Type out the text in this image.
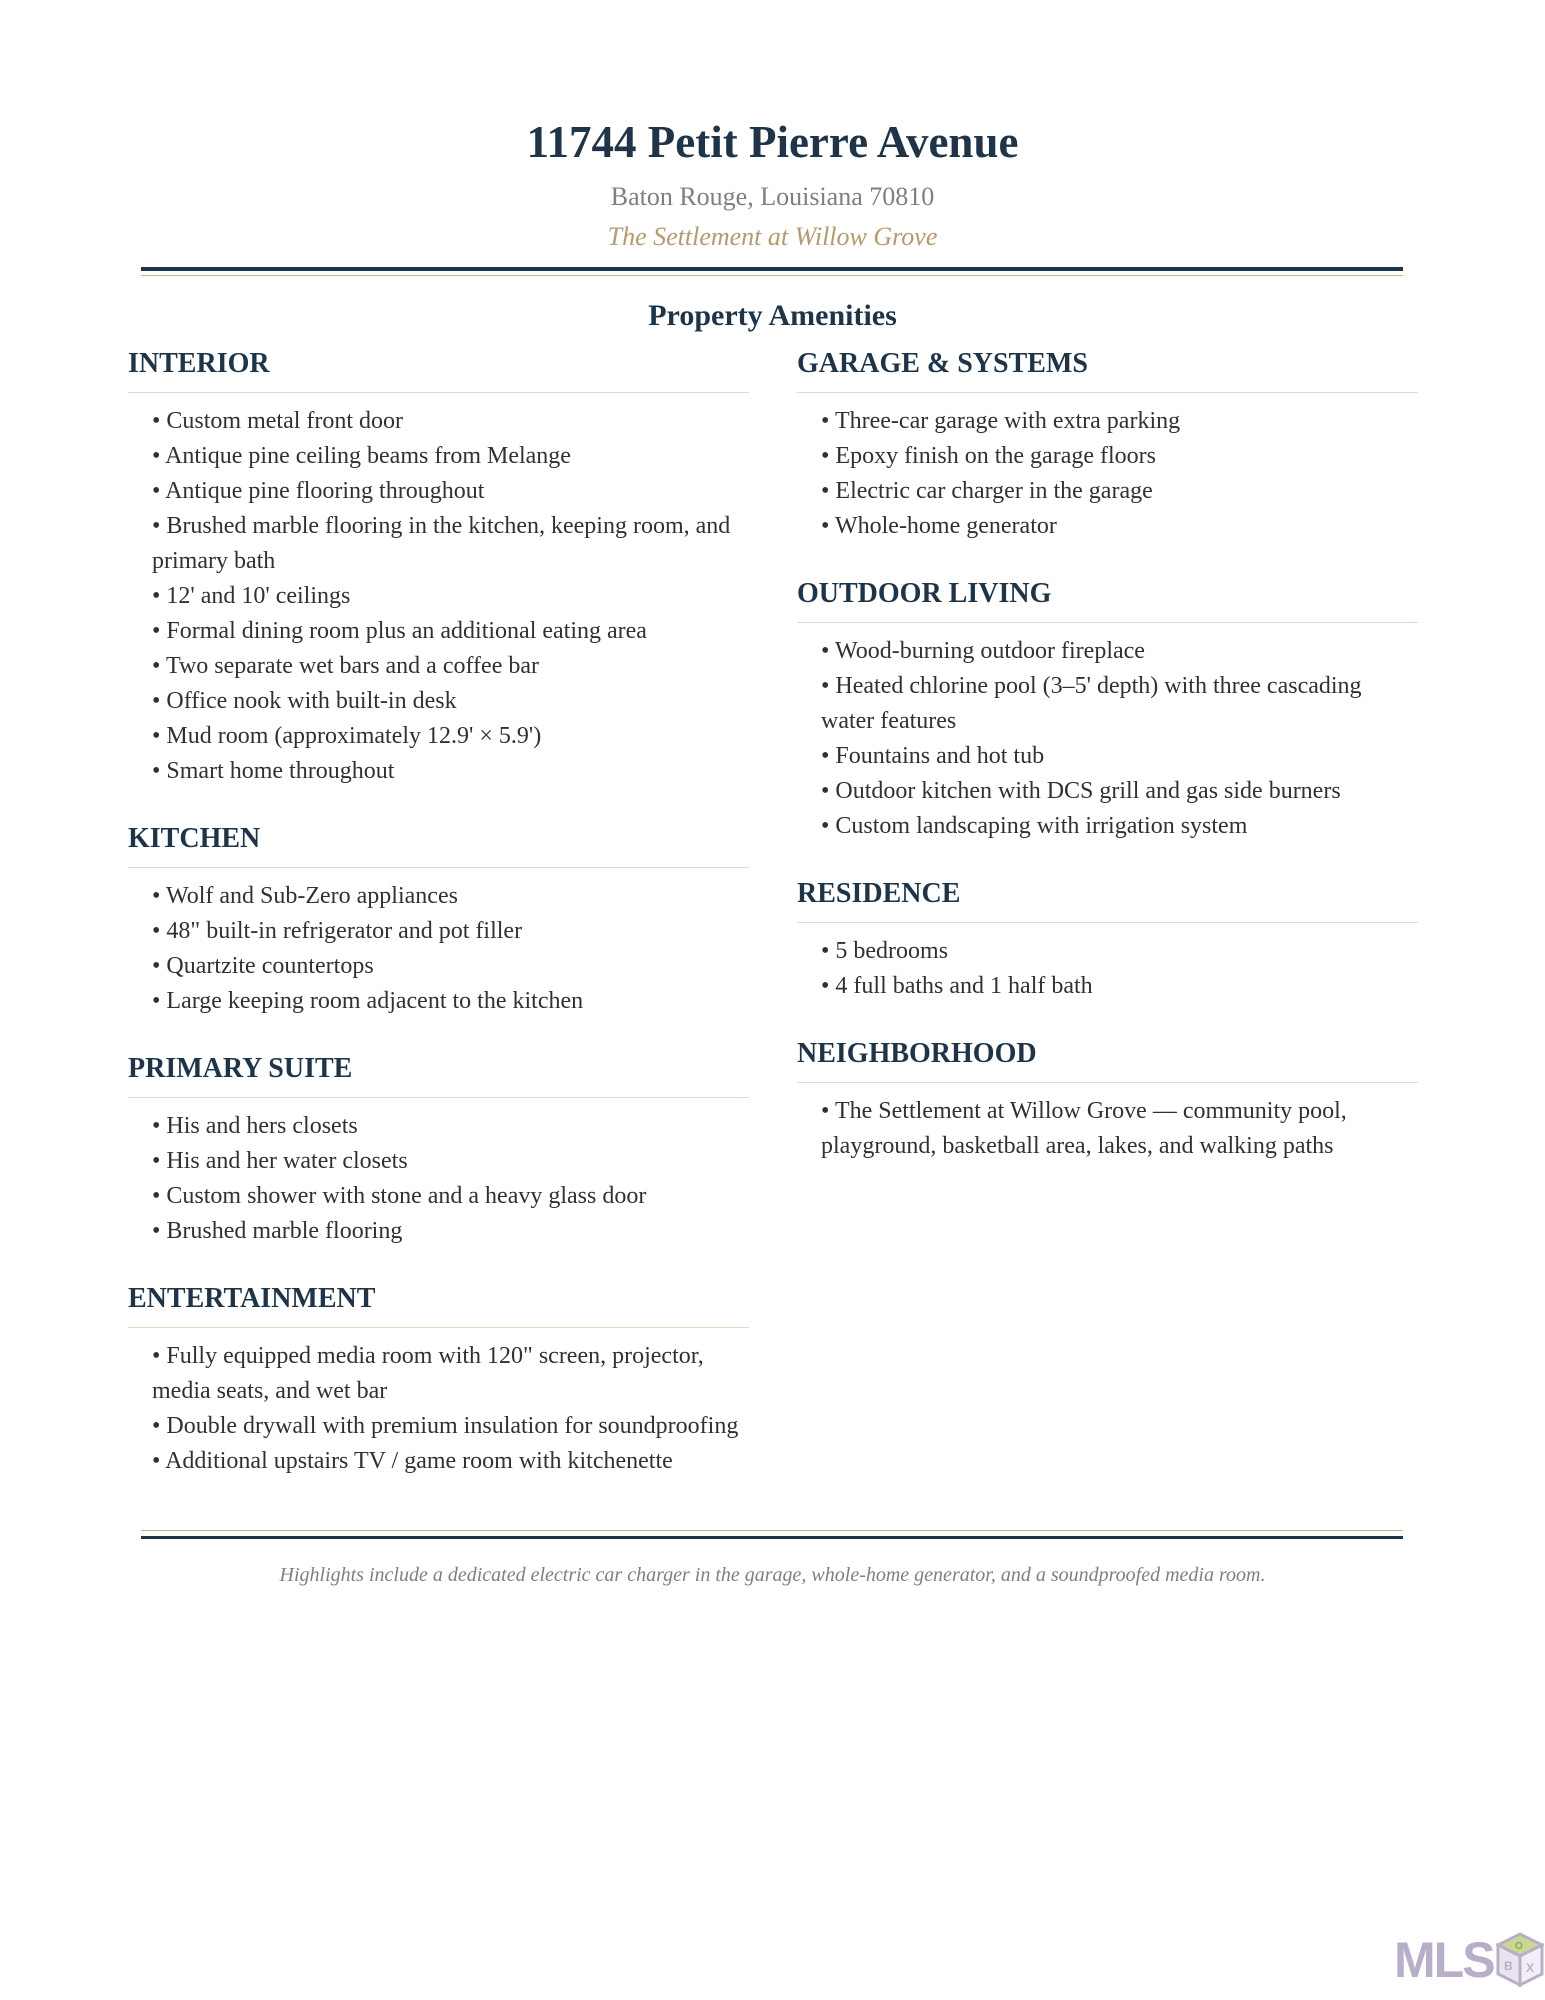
11744 Petit Pierre Avenue
Baton Rouge, Louisiana 70810
The Settlement at Willow Grove
Property Amenities
INTERIOR
• Custom metal front door
• Antique pine ceiling beams from Melange
• Antique pine flooring throughout
• Brushed marble flooring in the kitchen, keeping room, and primary bath
• 12' and 10' ceilings
• Formal dining room plus an additional eating area
• Two separate wet bars and a coffee bar
• Office nook with built-in desk
• Mud room (approximately 12.9' × 5.9')
• Smart home throughout
KITCHEN
• Wolf and Sub-Zero appliances
• 48" built-in refrigerator and pot filler
• Quartzite countertops
• Large keeping room adjacent to the kitchen
PRIMARY SUITE
• His and hers closets
• His and her water closets
• Custom shower with stone and a heavy glass door
• Brushed marble flooring
ENTERTAINMENT
• Fully equipped media room with 120" screen, projector, media seats, and wet bar
• Double drywall with premium insulation for soundproofing
• Additional upstairs TV / game room with kitchenette
GARAGE & SYSTEMS
• Three-car garage with extra parking
• Epoxy finish on the garage floors
• Electric car charger in the garage
• Whole-home generator
OUTDOOR LIVING
• Wood-burning outdoor fireplace
• Heated chlorine pool (3–5' depth) with three cascading water features
• Fountains and hot tub
• Outdoor kitchen with DCS grill and gas side burners
• Custom landscaping with irrigation system
RESIDENCE
• 5 bedrooms
• 4 full baths and 1 half bath
NEIGHBORHOOD
• The Settlement at Willow Grove — community pool, playground, basketball area, lakes, and walking paths
Highlights include a dedicated electric car charger in the garage, whole-home generator, and a soundproofed media room.
MLS B X
O
